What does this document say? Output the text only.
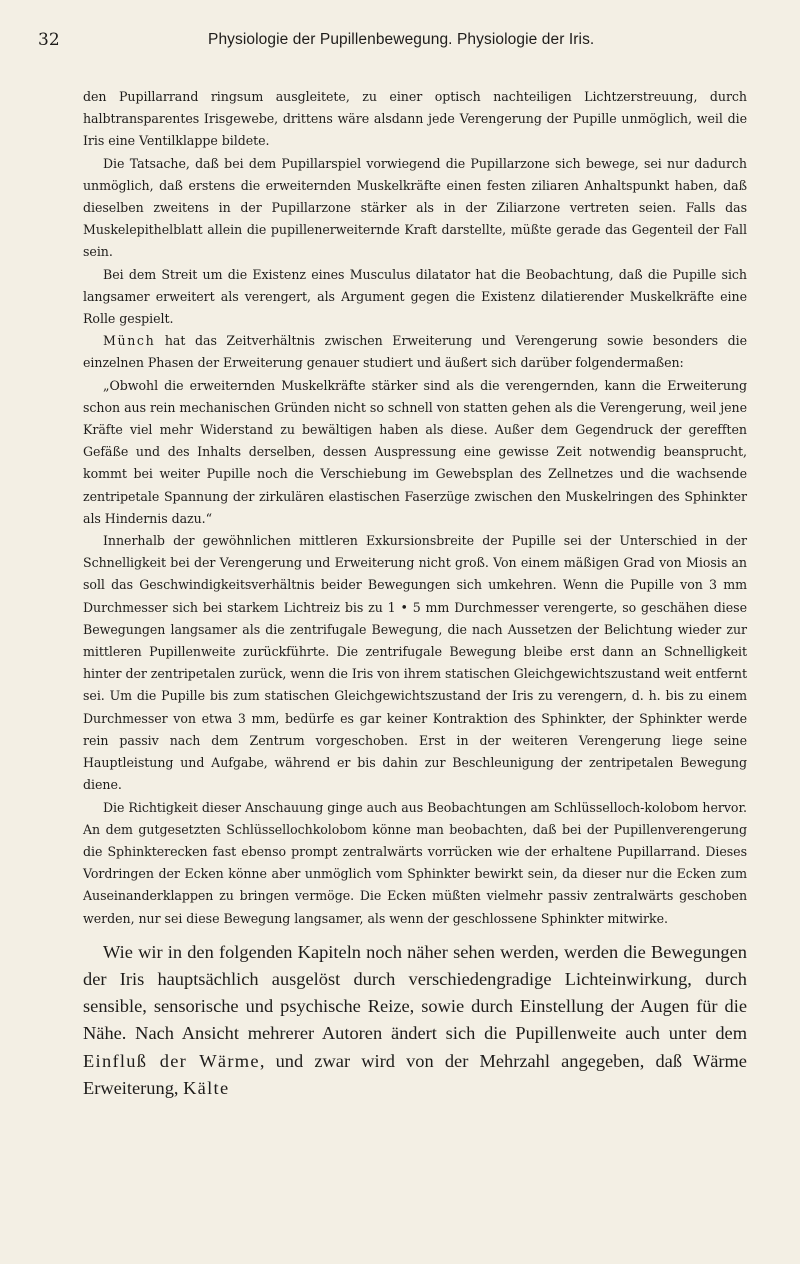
32	Physiologie der Pupillenbewegung. Physiologie der Iris.

den Pupillarrand ringsum ausgleitete, zu einer optisch nachteiligen Lichtzerstreuung, durch halbtransparentes Irisgewebe, drittens wäre alsdann jede Verengerung der Pupille unmöglich, weil die Iris eine Ventilklappe bildete.

Die Tatsache, daß bei dem Pupillarspiel vorwiegend die Pupillarzone sich bewege, sei nur dadurch unmöglich, daß erstens die erweiternden Muskelkräfte einen festen ziliaren Anhaltspunkt haben, daß dieselben zweitens in der Pupillarzone stärker als in der Ziliarzone vertreten seien. Falls das Muskelepithelblatt allein die pupillenerweiternde Kraft darstellte, müßte gerade das Gegenteil der Fall sein.

Bei dem Streit um die Existenz eines Musculus dilatator hat die Beobachtung, daß die Pupille sich langsamer erweitert als verengert, als Argument gegen die Existenz dilatierender Muskelkräfte eine Rolle gespielt.

Münch hat das Zeitverhältnis zwischen Erweiterung und Verengerung sowie besonders die einzelnen Phasen der Erweiterung genauer studiert und äußert sich darüber folgendermaßen:

„Obwohl die erweiternden Muskelkräfte stärker sind als die verengernden, kann die Erweiterung schon aus rein mechanischen Gründen nicht so schnell von statten gehen als die Verengerung, weil jene Kräfte viel mehr Widerstand zu bewältigen haben als diese. Außer dem Gegendruck der gerefften Gefäße und des Inhalts derselben, dessen Auspressung eine gewisse Zeit notwendig beansprucht, kommt bei weiter Pupille noch die Verschiebung im Gewebsplan des Zellnetzes und die wachsende zentripetale Spannung der zirkulären elastischen Faserzüge zwischen den Muskelringen des Sphinkter als Hindernis dazu.“

Innerhalb der gewöhnlichen mittleren Exkursionsbreite der Pupille sei der Unterschied in der Schnelligkeit bei der Verengerung und Erweiterung nicht groß. Von einem mäßigen Grad von Miosis an soll das Geschwindigkeitsverhältnis beider Bewegungen sich umkehren. Wenn die Pupille von 3 mm Durchmesser sich bei starkem Lichtreiz bis zu 1 • 5 mm Durchmesser verengerte, so geschähen diese Bewegungen langsamer als die zentrifugale Bewegung, die nach Aussetzen der Belichtung wieder zur mittleren Pupillenweite zurückführte. Die zentrifugale Bewegung bleibe erst dann an Schnelligkeit hinter der zentripetalen zurück, wenn die Iris von ihrem statischen Gleichgewichtszustand weit entfernt sei. Um die Pupille bis zum statischen Gleichgewichtszustand der Iris zu verengern, d. h. bis zu einem Durchmesser von etwa 3 mm, bedürfe es gar keiner Kontraktion des Sphinkter, der Sphinkter werde rein passiv nach dem Zentrum vorgeschoben. Erst in der weiteren Verengerung liege seine Hauptleistung und Aufgabe, während er bis dahin zur Beschleunigung der zentripetalen Bewegung diene.

Die Richtigkeit dieser Anschauung ginge auch aus Beobachtungen am Schlüsselloch-kolobom hervor. An dem gutgesetzten Schlüssellochkolobom könne man beobachten, daß bei der Pupillenverengerung die Sphinkterecken fast ebenso prompt zentralwärts vorrücken wie der erhaltene Pupillarrand. Dieses Vordringen der Ecken könne aber unmöglich vom Sphinkter bewirkt sein, da dieser nur die Ecken zum Auseinanderklappen zu bringen vermöge. Die Ecken müßten vielmehr passiv zentralwärts geschoben werden, nur sei diese Bewegung langsamer, als wenn der geschlossene Sphinkter mitwirke.

Wie wir in den folgenden Kapiteln noch näher sehen werden, werden die Bewegungen der Iris hauptsächlich ausgelöst durch verschiedengradige Lichteinwirkung, durch sensible, sensorische und psychische Reize, sowie durch Einstellung der Augen für die Nähe. Nach Ansicht mehrerer Autoren ändert sich die Pupillenweite auch unter dem Einfluß der Wärme, und zwar wird von der Mehrzahl angegeben, daß Wärme Erweiterung, Kälte
